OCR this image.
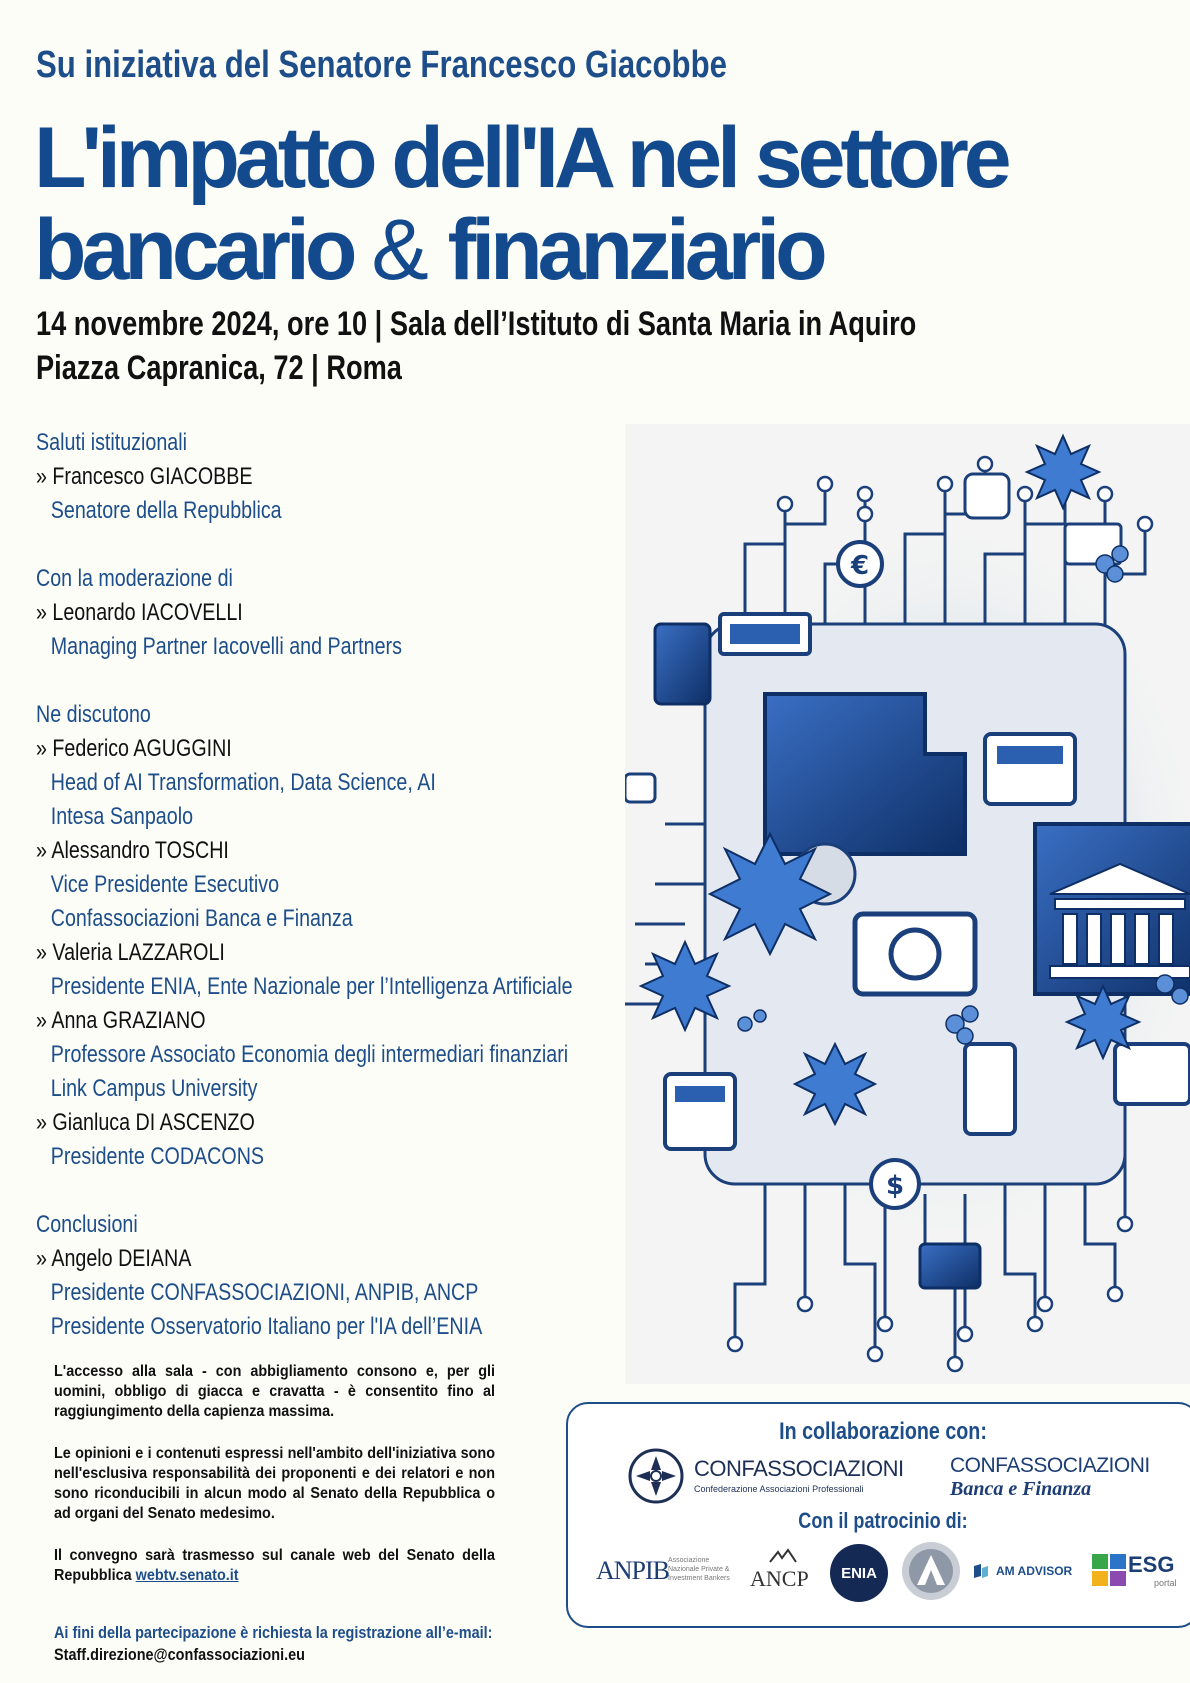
Su iniziativa del Senatore Francesco Giacobbe
L'impatto dell'IA nel settore
bancario & finanziario
14 novembre 2024, ore 10 | Sala dell’Istituto di Santa Maria in Aquiro
Piazza Capranica, 72 | Roma
Saluti istituzionali
» Francesco GIACOBBE
Senatore della Repubblica
Con la moderazione di
» Leonardo IACOVELLI
Managing Partner Iacovelli and Partners
Ne discutono
» Federico AGUGGINI
Head of AI Transformation, Data Science, AI
Intesa Sanpaolo
» Alessandro TOSCHI
Vice Presidente Esecutivo
Confassociazioni Banca e Finanza
» Valeria LAZZAROLI
Presidente ENIA, Ente Nazionale per l’Intelligenza Artificiale
» Anna GRAZIANO
Professore Associato Economia degli intermediari finanziari
Link Campus University
» Gianluca DI ASCENZO
Presidente CODACONS
Conclusioni
» Angelo DEIANA
Presidente CONFASSOCIAZIONI, ANPIB, ANCP
Presidente Osservatorio Italiano per l'IA dell’ENIA

L'accesso alla sala - con abbigliamento consono e, per gli uomini, obbligo di giacca e cravatta - è consentito fino al raggiungimento della capienza massima.

Le opinioni e i contenuti espressi nell'ambito dell'iniziativa sono nell'esclusiva responsabilità dei proponenti e dei relatori e non sono riconducibili in alcun modo al Senato della Repubblica o ad organi del Senato medesimo.

Il convegno sarà trasmesso sul canale web del Senato della Repubblica webtv.senato.it

Ai fini della partecipazione è richiesta la registrazione all’e-mail:
Staff.direzione@confassociazioni.eu
€
$
In collaborazione con:
CONFASSOCIAZIONI
Confederazione Associazioni Professionali
CONFASSOCIAZIONI
Banca e Finanza
Con il patrocinio di:
ANPIB
Associazione Nazionale Private & Investment Bankers ANCP ENIA	AM ADVISOR	ESG
portal
